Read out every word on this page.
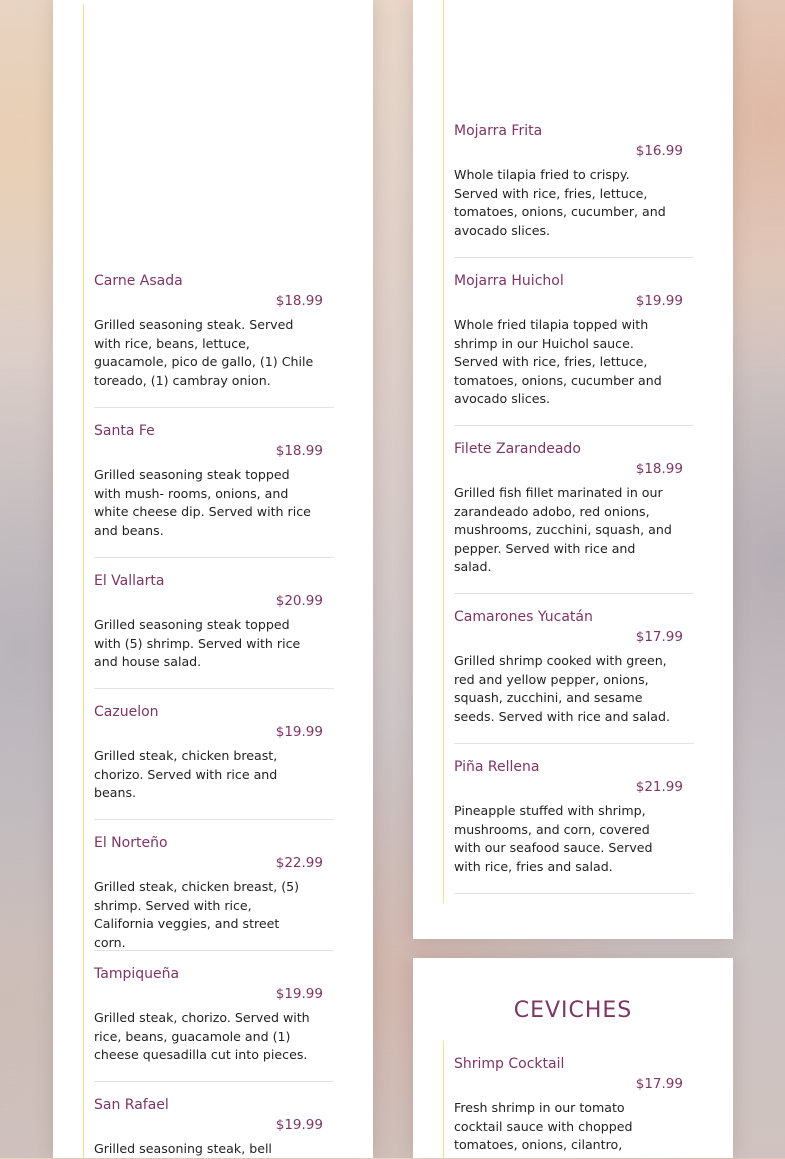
Carne Asada
$18.99
Grilled seasoning steak. Served with rice, beans, lettuce, guacamole, pico de gallo, (1) Chile toreado, (1) cambray onion.
Santa Fe
$18.99
Grilled seasoning steak topped with mush- rooms, onions, and white cheese dip. Served with rice and beans.
El Vallarta
$20.99
Grilled seasoning steak topped with (5) shrimp. Served with rice and house salad.
Cazuelon
$19.99
Grilled steak, chicken breast, chorizo. Served with rice and beans.
El Norteño
$22.99
Grilled steak, chicken breast, (5) shrimp. Served with rice, California veggies, and street corn.
Tampiqueña
$19.99
Grilled steak, chorizo. Served with rice, beans, guacamole and (1) cheese quesadilla cut into pieces.
San Rafael
$19.99
Grilled seasoning steak, bell
Mojarra Frita
$16.99
Whole tilapia fried to crispy. Served with rice, fries, lettuce, tomatoes, onions, cucumber, and avocado slices.
Mojarra Huichol
$19.99
Whole fried tilapia topped with shrimp in our Huichol sauce. Served with rice, fries, lettuce, tomatoes, onions, cucumber and avocado slices.
Filete Zarandeado
$18.99
Grilled fish fillet marinated in our zarandeado adobo, red onions, mushrooms, zucchini, squash, and pepper. Served with rice and salad.
Camarones Yucatán
$17.99
Grilled shrimp cooked with green, red and yellow pepper, onions, squash, zucchini, and sesame seeds. Served with rice and salad.
Piña Rellena
$21.99
Pineapple stuffed with shrimp, mushrooms, and corn, covered with our seafood sauce. Served with rice, fries and salad.
CEVICHES
Shrimp Cocktail
$17.99
Fresh shrimp in our tomato cocktail sauce with chopped tomatoes, onions, cilantro,
